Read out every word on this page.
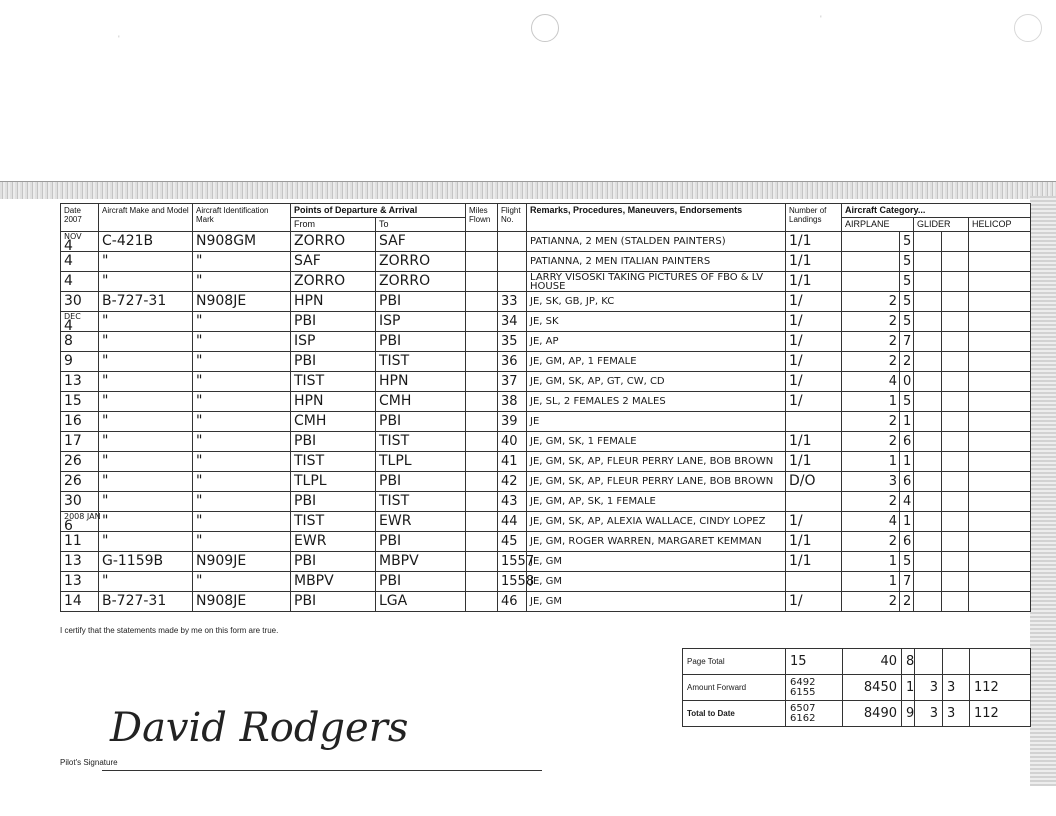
'
'
Date
2007	Aircraft Make and Model	Aircraft Identification Mark	Points of Departure & Arrival		Miles Flown	Flight No.	Remarks, Procedures, Maneuvers, Endorsements	Number of Landings	Aircraft Category...				
			From	To					AIRPLANE		GLIDER		HELICOP

NOV
4	C-421B	N908GM	ZORRO	SAF			PATIANNA, 2 MEN (STALDEN PAINTERS)	1/1		5			
4	"	"	SAF	ZORRO			PATIANNA, 2 MEN ITALIAN PAINTERS	1/1		5			
4	"	"	ZORRO	ZORRO			LARRY VISOSKI TAKING PICTURES OF FBO & LV HOUSE	1/1		5			
30	B-727-31	N908JE	HPN	PBI		33	JE, SK, GB, JP, KC	1/	2	5			

DEC
4	"	"	PBI	ISP		34	JE, SK	1/	2	5			
8	"	"	ISP	PBI		35	JE, AP	1/	2	7			
9	"	"	PBI	TIST		36	JE, GM, AP, 1 FEMALE	1/	2	2			
13	"	"	TIST	HPN		37	JE, GM, SK, AP, GT, CW, CD	1/	4	0			
15	"	"	HPN	CMH		38	JE, SL, 2 FEMALES 2 MALES	1/	1	5			
16	"	"	CMH	PBI		39	JE		2	1			
17	"	"	PBI	TIST		40	JE, GM, SK, 1 FEMALE	1/1	2	6			
26	"	"	TIST	TLPL		41	JE, GM, SK, AP, FLEUR PERRY LANE, BOB BROWN	1/1	1	1			
26	"	"	TLPL	PBI		42	JE, GM, SK, AP, FLEUR PERRY LANE, BOB BROWN	D/O	3	6			
30	"	"	PBI	TIST		43	JE, GM, AP, SK, 1 FEMALE		2	4			

2008 JAN
6	"	"	TIST	EWR		44	JE, GM, SK, AP, ALEXIA WALLACE, CINDY LOPEZ	1/	4	1			
11	"	"	EWR	PBI		45	JE, GM, ROGER WARREN, MARGARET KEMMAN	1/1	2	6			
13	G-1159B	N909JE	PBI	MBPV		1557	JE, GM	1/1	1	5			
13	"	"	MBPV	PBI		1558	JE, GM		1	7			
14	B-727-31	N908JE	PBI	LGA		46	JE, GM	1/	2	2			
I certify that the statements made by me on this form are true.
David Rodgers
Pilot's Signature
Page Total	15	40	8			
Amount Forward	6492 6155	8450	1	3	3	112
Total to Date	6507 6162	8490	9	3	3	112
